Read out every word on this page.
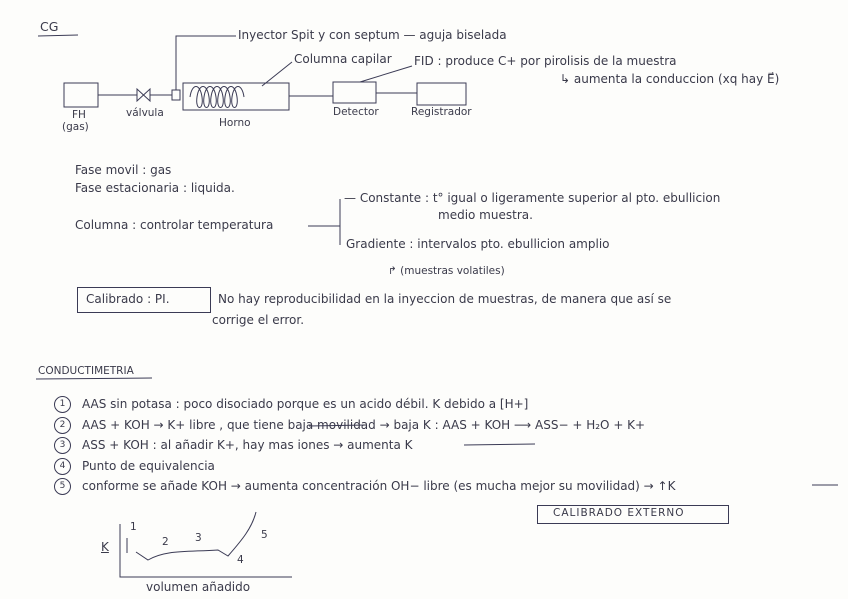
CG
Inyector Spit y con septum — aguja biselada
Columna capilar FID : produce C+ por pirolisis de la muestra
↳ aumenta la conduccion (xq hay E⃗)
FH
(gas)
válvula
Horno
Detector	Registrador
Fase movil : gas
Fase estacionaria : liquida.
Columna : controlar temperatura
— Constante : t° igual o ligeramente superior al pto. ebullicion
medio muestra.
Gradiente : intervalos pto. ebullicion amplio
↱ (muestras volatiles)
Calibrado : PI.	No hay reproducibilidad en la inyeccion de muestras, de manera que así se
corrige el error.
CONDUCTIMETRIA
1	AAS sin potasa : poco disociado porque es un acido débil. K debido a [H+]
2	AAS + KOH → K+ libre , que tiene baja movilidad → baja K : AAS + KOH ⟶ ASS− + H₂O + K+
3	ASS + KOH : al añadir K+, hay mas iones → aumenta K
4	Punto de equivalencia
5	conforme se añade KOH → aumenta concentración OH− libre (es mucha mejor su movilidad) → ↑K
CALIBRADO EXTERNO
K
1
2	3
4
5
volumen añadido
